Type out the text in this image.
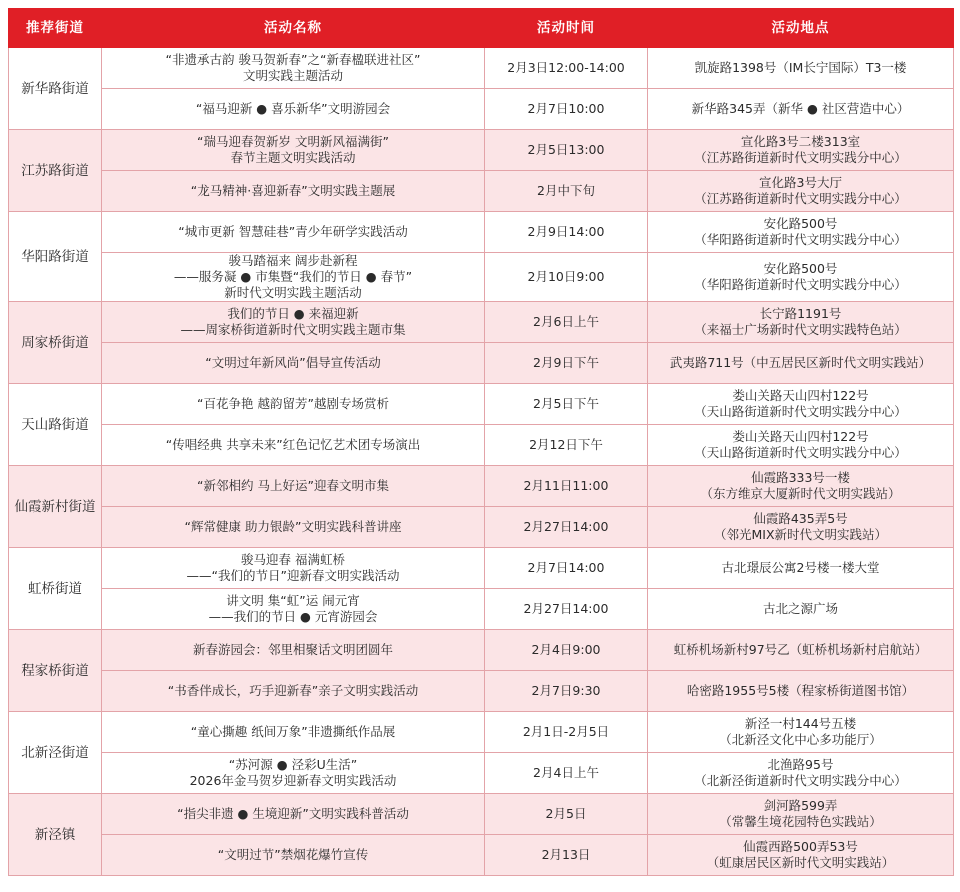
推荐街道	活动名称	活动时间	活动地点
新华路街道	“非遗承古韵 骏马贺新春”之“新春楹联进社区”
文明实践主题活动	2月3日12:00-14:00	凯旋路1398号（IM长宁国际）T3一楼

	“福马迎新 ● 喜乐新华”文明游园会	2月7日10:00	新华路345弄（新华 ● 社区营造中心）

江苏路街道	“瑞马迎春贺新岁 文明新风福满街”
春节主题文明实践活动	2月5日13:00	宣化路3号二楼313室
（江苏路街道新时代文明实践分中心）

	“龙马精神·喜迎新春”文明实践主题展	2月中下旬	宣化路3号大厅
（江苏路街道新时代文明实践分中心）

华阳路街道	“城市更新 智慧硅巷”青少年研学实践活动	2月9日14:00	安化路500号
（华阳路街道新时代文明实践分中心）

	骏马踏福来 阔步赴新程
——服务凝 ● 市集暨“我们的节日 ● 春节”
新时代文明实践主题活动	2月10日9:00	安化路500号
（华阳路街道新时代文明实践分中心）

周家桥街道	我们的节日 ● 来福迎新
——周家桥街道新时代文明实践主题市集	2月6日上午	长宁路1191号
（来福士广场新时代文明实践特色站）

	“文明过年新风尚”倡导宣传活动	2月9日下午	武夷路711号（中五居民区新时代文明实践站）

天山路街道	“百花争艳 越韵留芳”越剧专场赏析	2月5日下午	娄山关路天山四村122号
（天山路街道新时代文明实践分中心）

	“传唱经典 共享未来”红色记忆艺术团专场演出	2月12日下午	娄山关路天山四村122号
（天山路街道新时代文明实践分中心）

仙霞新村街道	“新邻相约 马上好运”迎春文明市集	2月11日11:00	仙霞路333号一楼
（东方维京大厦新时代文明实践站）

	“辉常健康 助力银龄”文明实践科普讲座	2月27日14:00	仙霞路435弄5号
（邻光MIX新时代文明实践站）

虹桥街道	骏马迎春 福满虹桥
——“我们的节日”迎新春文明实践活动	2月7日14:00	古北璟辰公寓2号楼一楼大堂

	讲文明 集“虹”运 闹元宵
——我们的节日 ● 元宵游园会	2月27日14:00	古北之源广场

程家桥街道	新春游园会：邻里相聚话文明团圆年	2月4日9:00	虹桥机场新村97号乙（虹桥机场新村启航站）

	“书香伴成长，巧手迎新春”亲子文明实践活动	2月7日9:30	哈密路1955号5楼（程家桥街道图书馆）

北新泾街道	“童心撕趣 纸间万象”非遗撕纸作品展	2月1日-2月5日	新泾一村144号五楼
（北新泾文化中心多功能厅）

	“苏河源 ● 泾彩U生活”
2026年金马贺岁迎新春文明实践活动	2月4日上午	北渔路95号
（北新泾街道新时代文明实践分中心）

新泾镇	“指尖非遗 ● 生境迎新”文明实践科普活动	2月5日	剑河路599弄
（常馨生境花园特色实践站）

	“文明过节”禁烟花爆竹宣传	2月13日	仙霞西路500弄53号
（虹康居民区新时代文明实践站）
